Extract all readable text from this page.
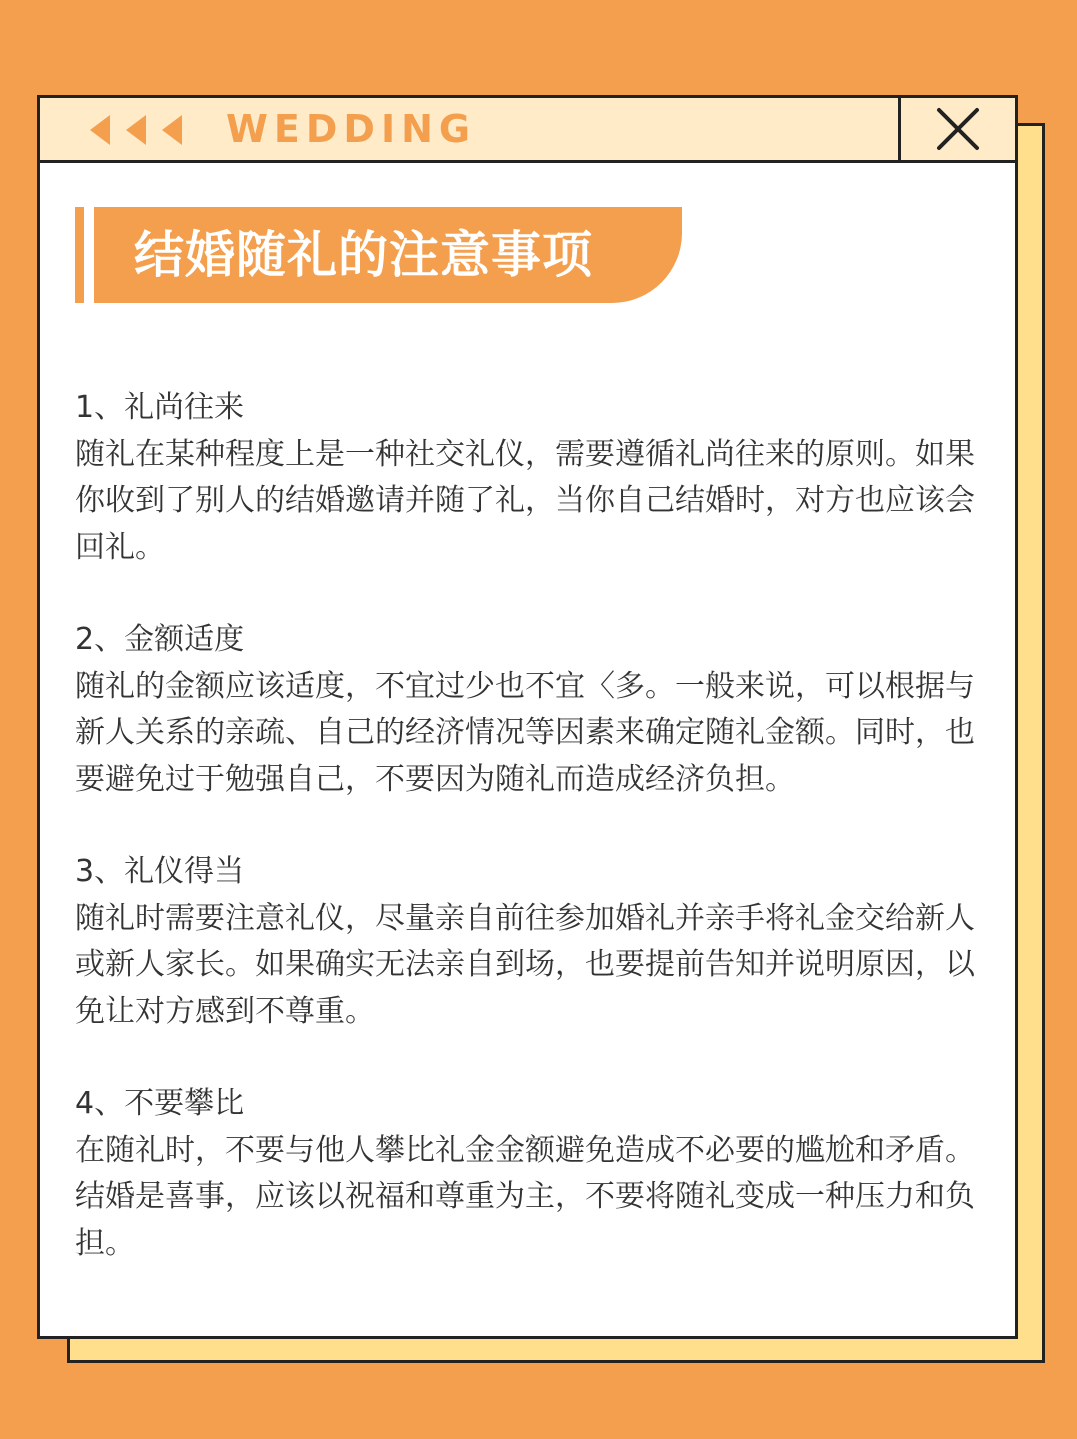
WEDDING
结婚随礼的注意事项

1、礼尚往来

随礼在某种程度上是一种社交礼仪，需要遵循礼尚往来的原则。如果你收到了别人的结婚邀请并随了礼，当你自己结婚时，对方也应该会回礼。

2、金额适度

随礼的金额应该适度，不宜过少也不宜〈多。一般来说，可以根据与新人关系的亲疏、自己的经济情况等因素来确定随礼金额。同时，也要避免过于勉强自己，不要因为随礼而造成经济负担。

3、礼仪得当

随礼时需要注意礼仪，尽量亲自前往参加婚礼并亲手将礼金交给新人或新人家长。如果确实无法亲自到场，也要提前告知并说明原因，以免让对方感到不尊重。

4、不要攀比

在随礼时，不要与他人攀比礼金金额避免造成不必要的尴尬和矛盾。结婚是喜事，应该以祝福和尊重为主，不要将随礼变成一种压力和负担。
